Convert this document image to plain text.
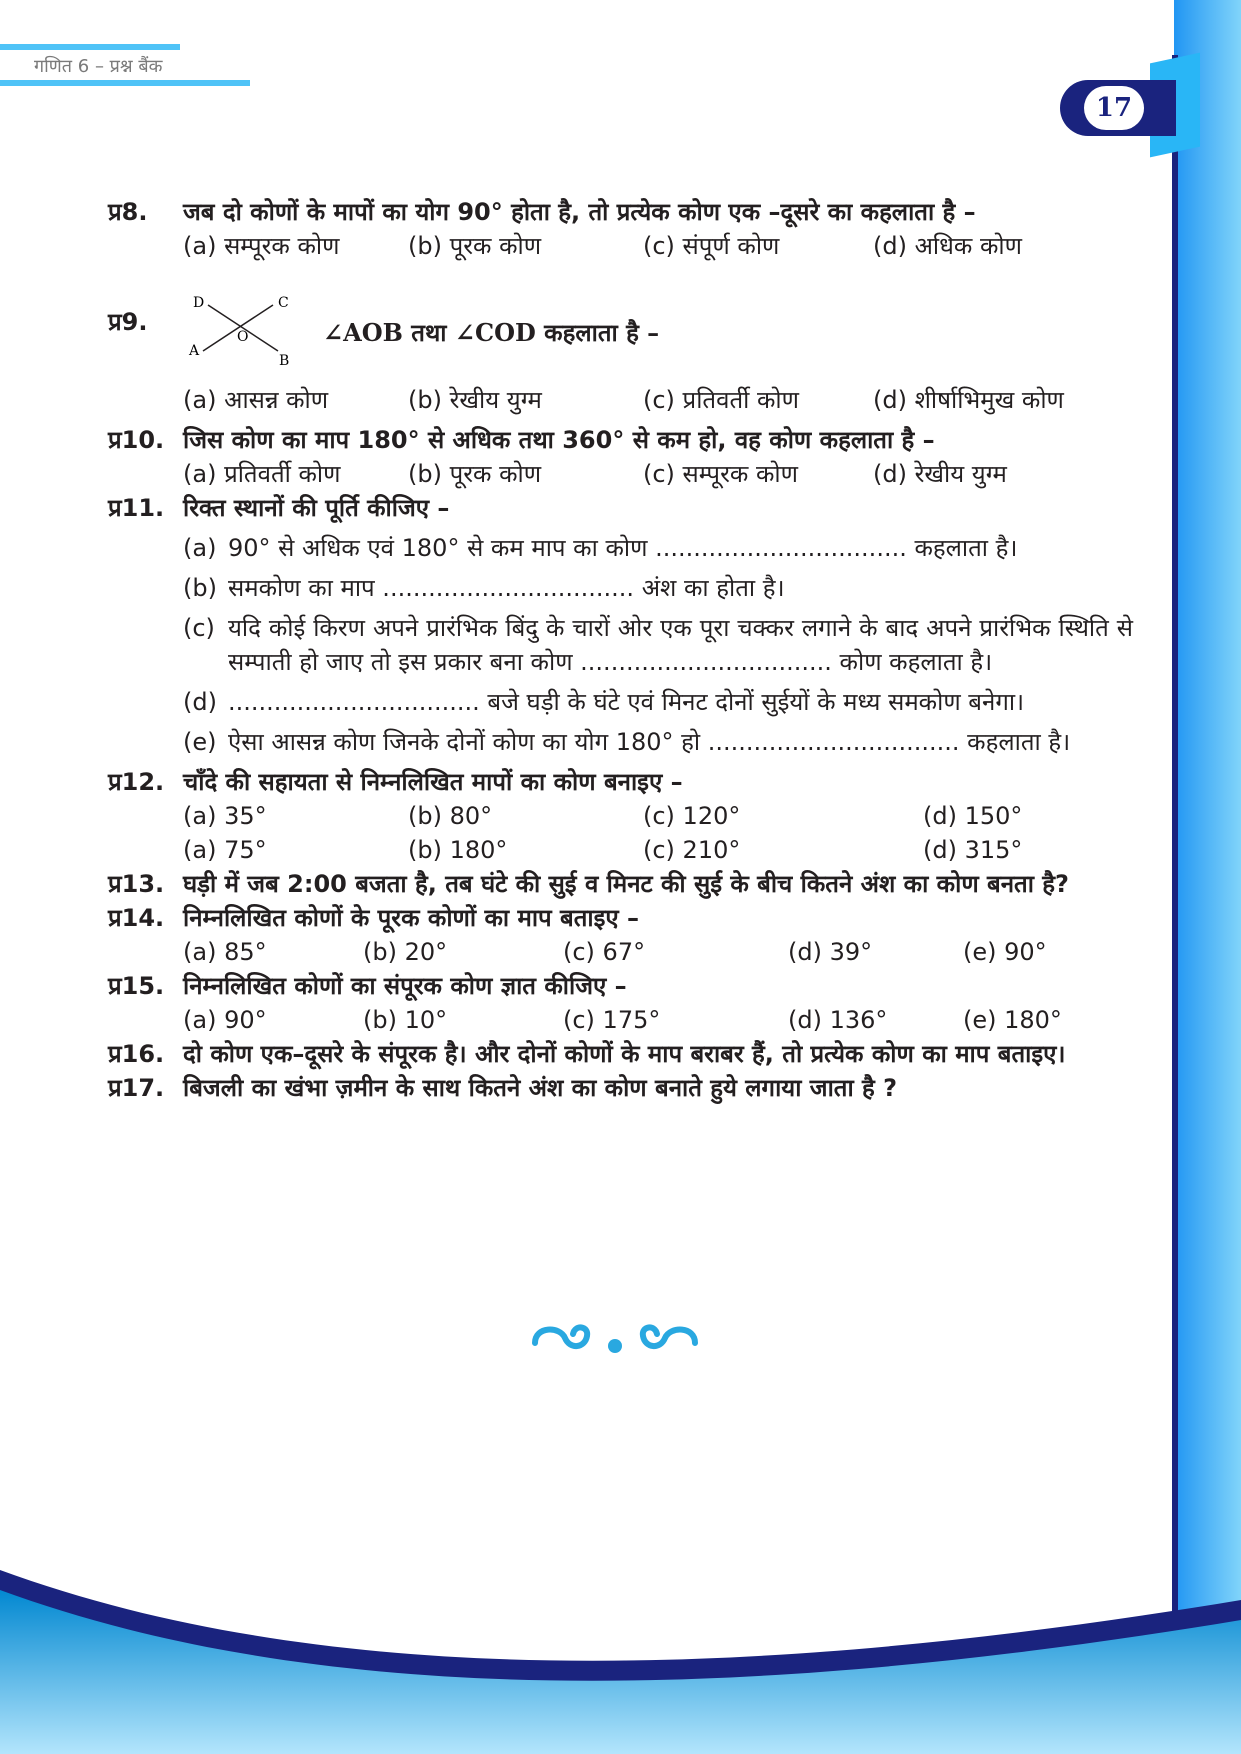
गणित 6 – प्रश्न बैंक
17
प्र8. जब दो कोणों के मापों का योग 90° होता है, तो प्रत्येक कोण एक –दूसरे का कहलाता है –
(a) सम्पूरक कोण	(b) पूरक कोण	(c) संपूर्ण कोण	(d) अधिक कोण
प्र9.
D	C
O
A
B
∠AOB तथा ∠COD कहलाता है –
(a) आसन्न कोण	(b) रेखीय युग्म	(c) प्रतिवर्ती कोण	(d) शीर्षाभिमुख कोण
प्र10. जिस कोण का माप 180° से अधिक तथा 360° से कम हो, वह कोण कहलाता है –
(a) प्रतिवर्ती कोण	(b) पूरक कोण	(c) सम्पूरक कोण	(d) रेखीय युग्म
प्र11. रिक्त स्थानों की पूर्ति कीजिए –
(a) 90° से अधिक एवं 180° से कम माप का कोण ................................. कहलाता है।
(b) समकोण का माप ................................. अंश का होता है।
(c) यदि कोई किरण अपने प्रारंभिक बिंदु के चारों ओर एक पूरा चक्कर लगाने के बाद अपने प्रारंभिक स्थिति से सम्पाती हो जाए तो इस प्रकार बना कोण ................................. कोण कहलाता है।
(d) ................................. बजे घड़ी के घंटे एवं मिनट दोनों सुईयों के मध्य समकोण बनेगा।
(e) ऐसा आसन्न कोण जिनके दोनों कोण का योग 180° हो ................................. कहलाता है।
प्र12. चाँदे की सहायता से निम्नलिखित मापों का कोण बनाइए –
(a) 35°	(b) 80°	(c) 120°	(d) 150°
(a) 75°	(b) 180°	(c) 210°	(d) 315°
प्र13. घड़ी में जब 2:00 बजता है, तब घंटे की सुई व मिनट की सुई के बीच कितने अंश का कोण बनता है?
प्र14. निम्नलिखित कोणों के पूरक कोणों का माप बताइए –
(a) 85°	(b) 20°	(c) 67°	(d) 39°	(e) 90°
प्र15. निम्नलिखित कोणों का संपूरक कोण ज्ञात कीजिए –
(a) 90°	(b) 10°	(c) 175°	(d) 136°	(e) 180°
प्र16. दो कोण एक–दूसरे के संपूरक है। और दोनों कोणों के माप बराबर हैं, तो प्रत्येक कोण का माप बताइए।
प्र17. बिजली का खंभा ज़मीन के साथ कितने अंश का कोण बनाते हुये लगाया जाता है ?
